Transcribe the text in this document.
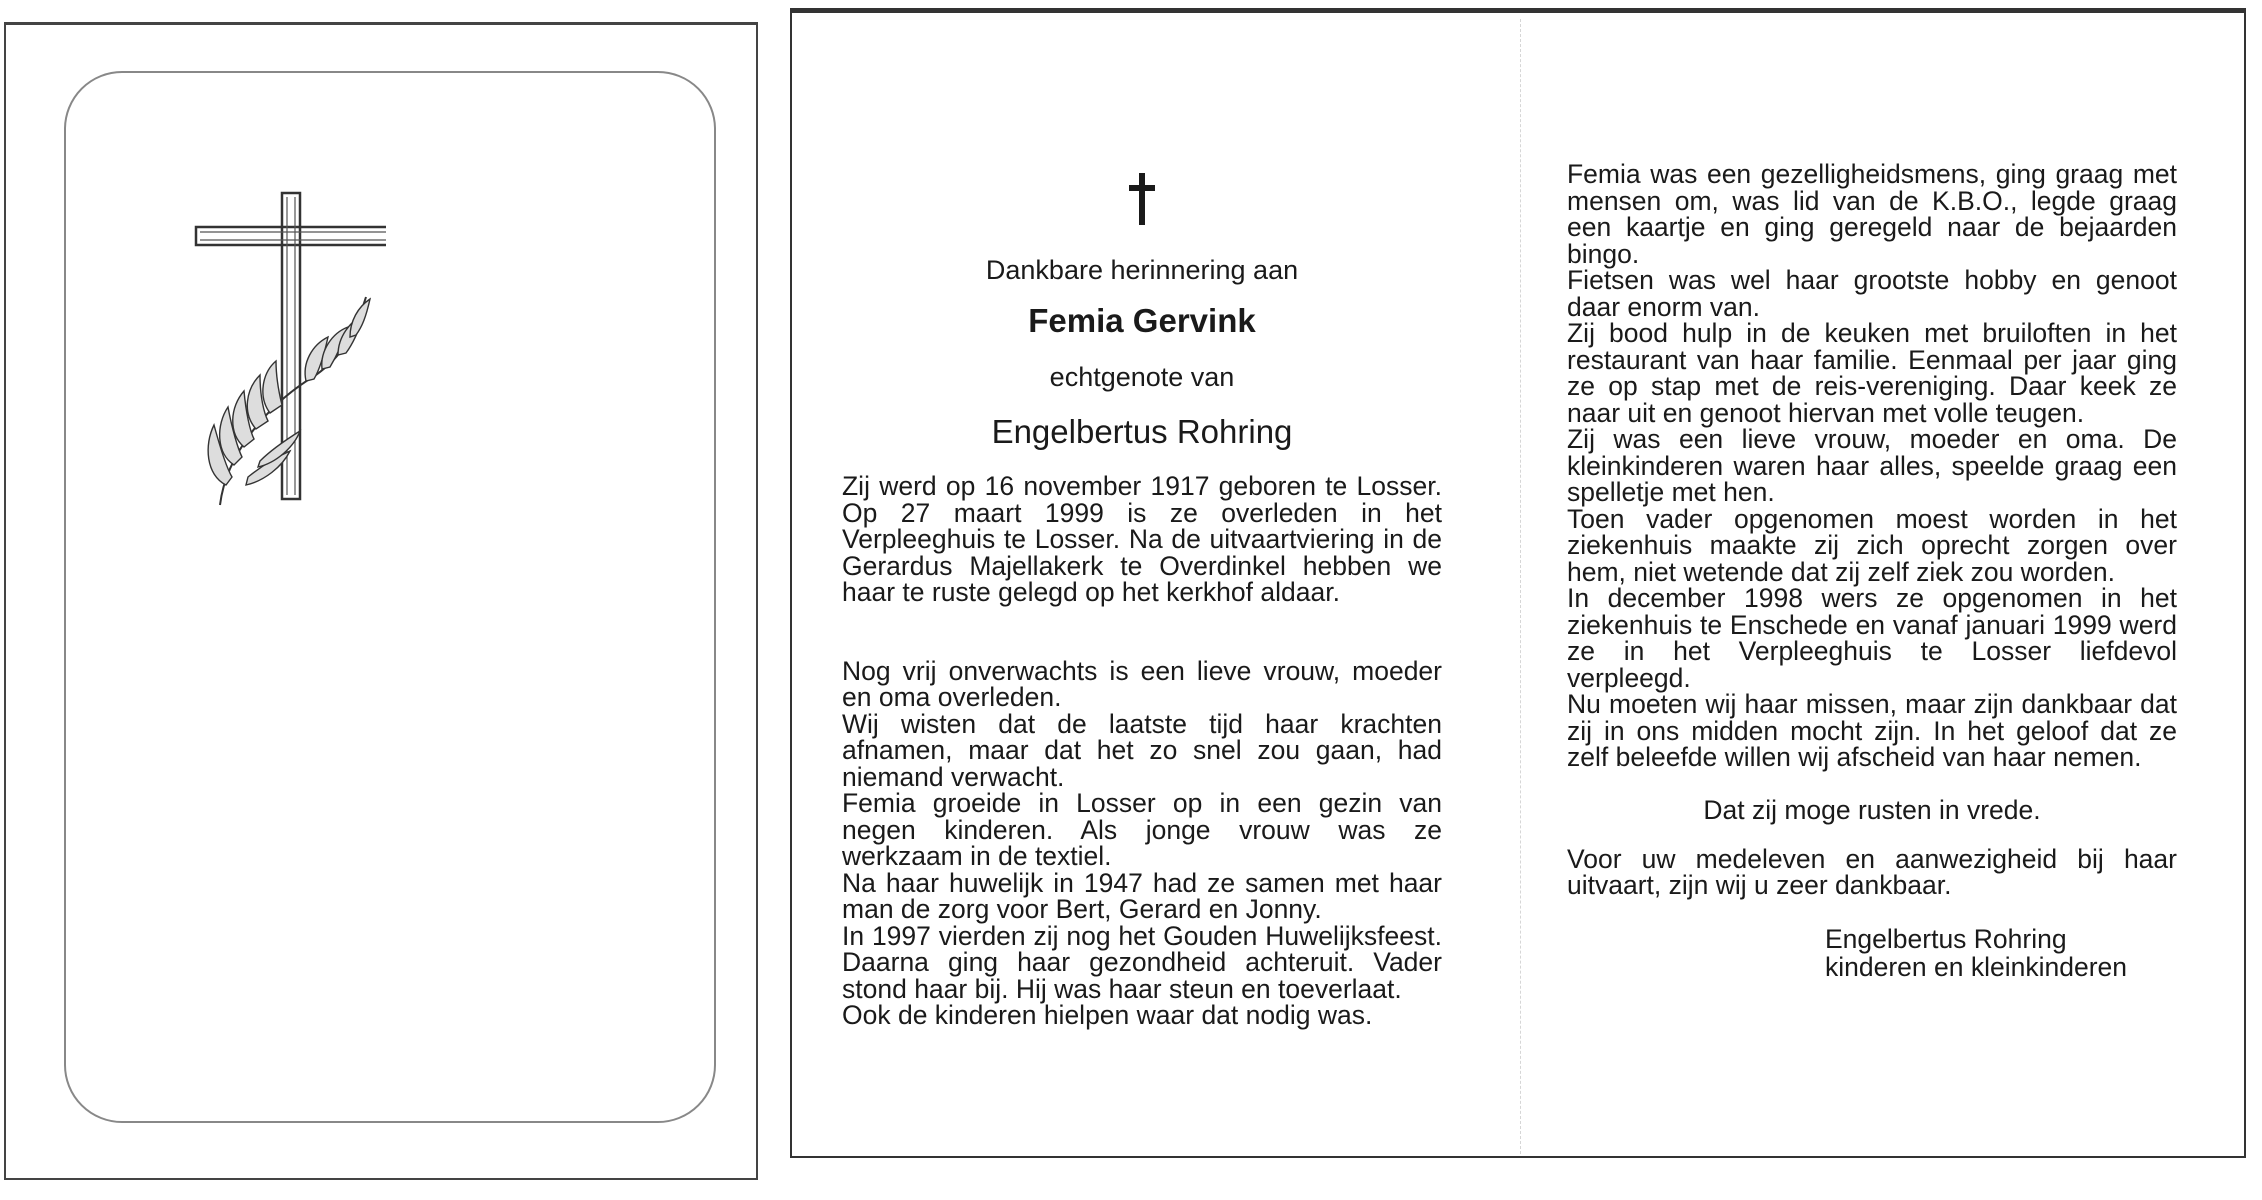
Dankbare herinnering aan

Femia Gervink

echtgenote van

Engelbertus Rohring

Zij werd op 16 november 1917 geboren te Losser. Op 27 maart 1999 is ze overleden in het Verpleeghuis te Losser. Na de uitvaartviering in de Gerardus Majellakerk te Overdinkel hebben we haar te ruste gelegd op het kerkhof aldaar.

Nog vrij onverwachts is een lieve vrouw, moeder en oma overleden.

Wij wisten dat de laatste tijd haar krachten afnamen, maar dat het zo snel zou gaan, had niemand verwacht.

Femia groeide in Losser op in een gezin van negen kinderen. Als jonge vrouw was ze werkzaam in de textiel.

Na haar huwelijk in 1947 had ze samen met haar man de zorg voor Bert, Gerard en Jonny.

In 1997 vierden zij nog het Gouden Huwelijksfeest. Daarna ging haar gezondheid achteruit. Vader stond haar bij. Hij was haar steun en toeverlaat.

Ook de kinderen hielpen waar dat nodig was.

Femia was een gezelligheidsmens, ging graag met mensen om, was lid van de K.B.O., legde graag een kaartje en ging geregeld naar de bejaarden bingo.

Fietsen was wel haar grootste hobby en genoot daar enorm van.

Zij bood hulp in de keuken met bruiloften in het restaurant van haar familie. Eenmaal per jaar ging ze op stap met de reis-vereniging. Daar keek ze naar uit en genoot hiervan met volle teugen.

Zij was een lieve vrouw, moeder en oma. De kleinkinderen waren haar alles, speelde graag een spelletje met hen.

Toen vader opgenomen moest worden in het ziekenhuis maakte zij zich oprecht zorgen over hem, niet wetende dat zij zelf ziek zou worden.

In december 1998 wers ze opgenomen in het ziekenhuis te Enschede en vanaf januari 1999 werd ze in het Verpleeghuis te Losser liefdevol verpleegd.

Nu moeten wij haar missen, maar zijn dankbaar dat zij in ons midden mocht zijn. In het geloof dat ze zelf beleefde willen wij afscheid van haar nemen.

Dat zij moge rusten in vrede.

Voor uw medeleven en aanwezigheid bij haar uitvaart, zijn wij u zeer dankbaar.

Engelbertus Rohring
kinderen en kleinkinderen
